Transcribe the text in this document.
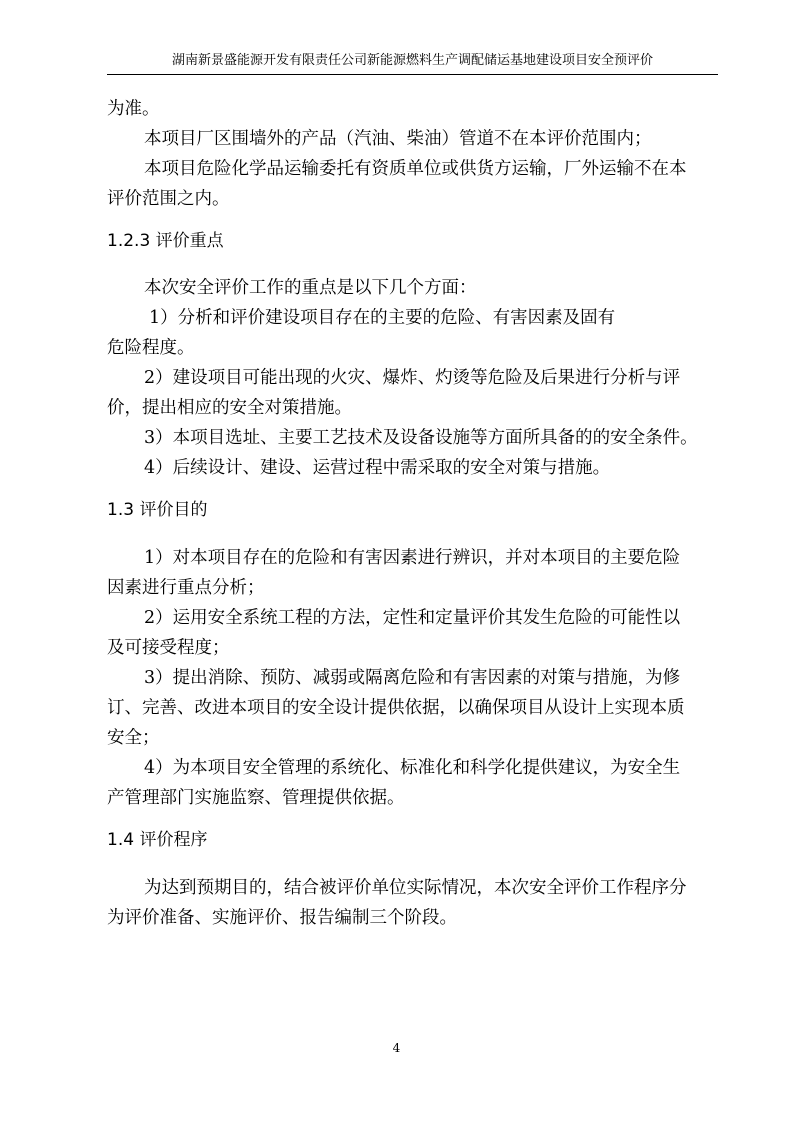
湖南新景盛能源开发有限责任公司新能源燃料生产调配储运基地建设项目安全预评价
为准。
本项目厂区围墙外的产品（汽油、柴油）管道不在本评价范围内；
本项目危险化学品运输委托有资质单位或供货方运输，厂外运输不在本
评价范围之内。
1.2.3 评价重点
本次安全评价工作的重点是以下几个方面：
1）分析和评价建设项目存在的主要的危险、有害因素及固有
危险程度。
2）建设项目可能出现的火灾、爆炸、灼烫等危险及后果进行分析与评
价，提出相应的安全对策措施。
3）本项目选址、主要工艺技术及设备设施等方面所具备的的安全条件。
4）后续设计、建设、运营过程中需采取的安全对策与措施。
1.3 评价目的
1）对本项目存在的危险和有害因素进行辨识，并对本项目的主要危险
因素进行重点分析；
2）运用安全系统工程的方法，定性和定量评价其发生危险的可能性以
及可接受程度；
3）提出消除、预防、减弱或隔离危险和有害因素的对策与措施，为修
订、完善、改进本项目的安全设计提供依据，以确保项目从设计上实现本质
安全；
4）为本项目安全管理的系统化、标准化和科学化提供建议，为安全生
产管理部门实施监察、管理提供依据。
1.4 评价程序
为达到预期目的，结合被评价单位实际情况，本次安全评价工作程序分
为评价准备、实施评价、报告编制三个阶段。
4
